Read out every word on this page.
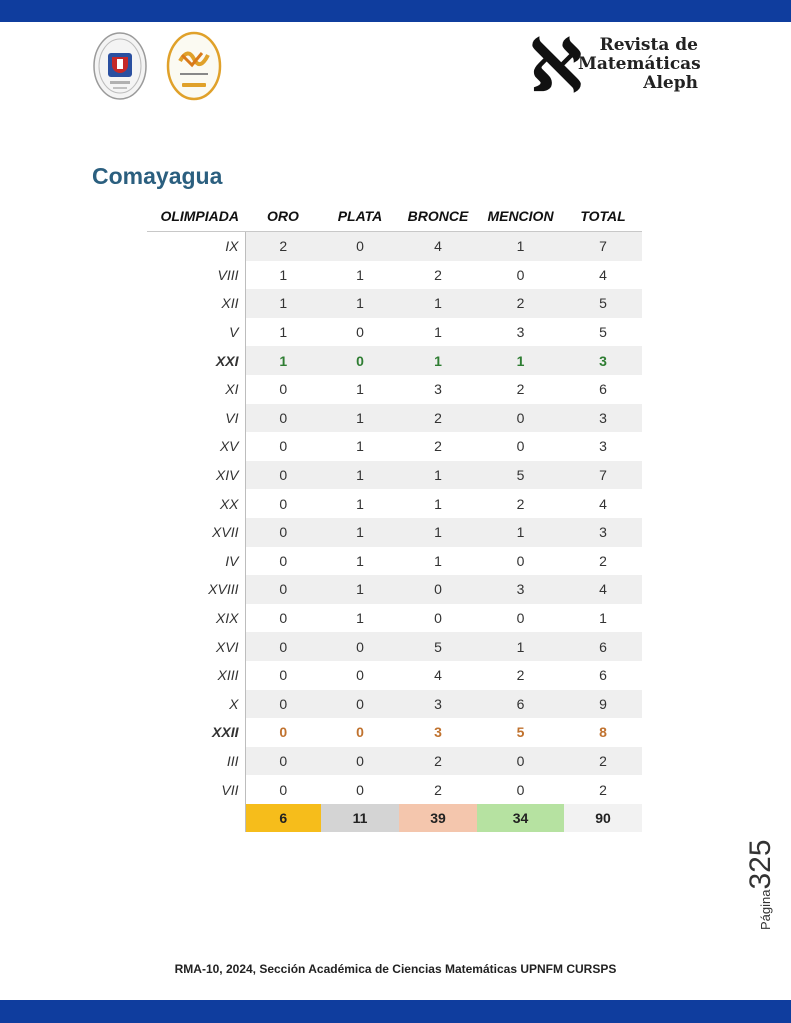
ℵ	Revista de
Matemáticas
Aleph
Comayagua
OLIMPIADA	ORO	PLATA	BRONCE	MENCION	TOTAL
IX	2	0	4	1	7
VIII	1	1	2	0	4
XII	1	1	1	2	5
V	1	0	1	3	5
XXI	1	0	1	1	3
XI	0	1	3	2	6
VI	0	1	2	0	3
XV	0	1	2	0	3
XIV	0	1	1	5	7
XX	0	1	1	2	4
XVII	0	1	1	1	3
IV	0	1	1	0	2
XVIII	0	1	0	3	4
XIX	0	1	0	0	1
XVI	0	0	5	1	6
XIII	0	0	4	2	6
X	0	0	3	6	9
XXII	0	0	3	5	8
III	0	0	2	0	2
VII	0	0	2	0	2
	6	11	39	34	90
Página325
RMA-10, 2024, Sección Académica de Ciencias Matemáticas UPNFM CURSPS
